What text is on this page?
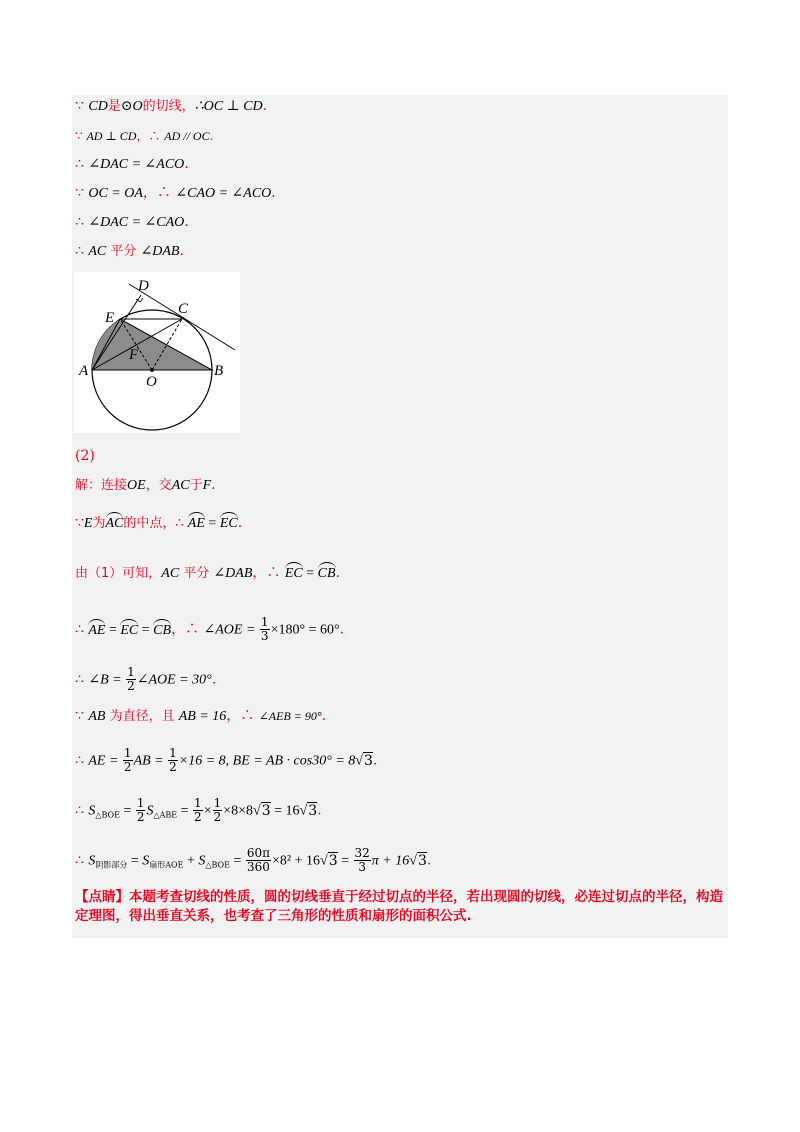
∵ CD是⊙O的切线，∴OC ⊥ CD.
∵ AD ⊥ CD，∴ AD // OC.
∴ ∠DAC = ∠ACO.
∵ OC = OA，∴ ∠CAO = ∠ACO.
∴ ∠DAC = ∠CAO.
∴ AC 平分 ∠DAB.
D
C
E
F
A	B
O
(2)
解：连接OE，交AC于F.
∵E为AC的中点，∴ AE = EC.
由（1）可知，AC 平分 ∠DAB，∴ EC = CB.
∴ AE = EC = CB，∴ ∠AOE = $\frac{1}{3} \times 180^\circ = 60^\circ$.
∴ ∠B = $\frac{1}{2}$ ∠AOE = 30°.
∵ AB 为直径，且 AB = 16，∴ ∠AEB = 90°.
∴ AE = $\frac{1}{2}$ AB = $\frac{1}{2} \times 16 = 8$, BE = AB · cos30° = 8√3.
∴ $S_{\triangle BOE} = \frac{1}{2} S_{\triangle ABE} = \frac{1}{2} \times \frac{1}{2} \times 8\times 8√3 = 16√3$.
∴ $S_{阴影部分} = S_{扇形AOE} + S_{\triangle BOE} = \frac{60\pi}{360} \times 8^2 + 16√3 = \frac{32}{3}$ π + 16√3.
【点睛】本题考查切线的性质，圆的切线垂直于经过切点的半径，若出现圆的切线，必连过切点的半径，构造定理图，得出垂直关系，也考查了三角形的性质和扇形的面积公式.
